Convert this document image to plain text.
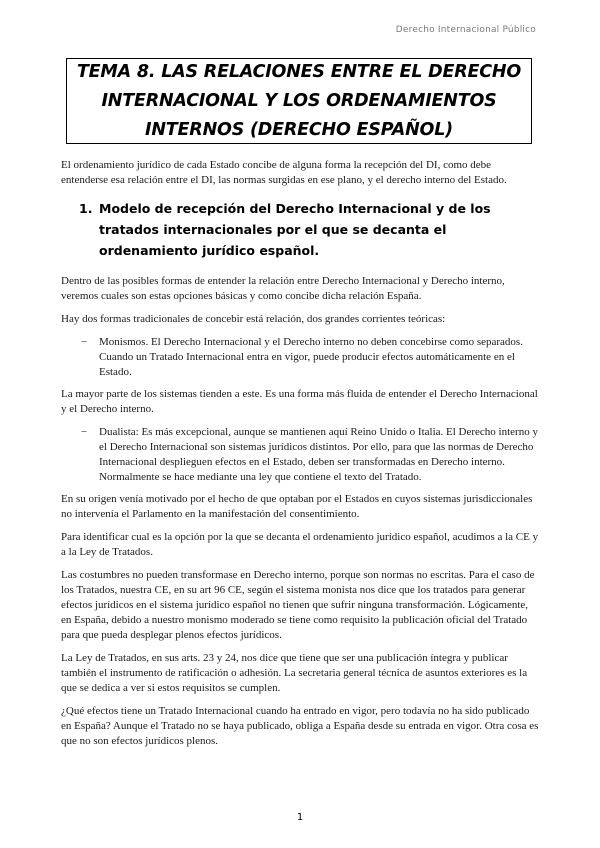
Derecho Internacional Público
TEMA 8. LAS RELACIONES ENTRE EL DERECHO INTERNACIONAL Y LOS ORDENAMIENTOS INTERNOS (DERECHO ESPAÑOL)

El ordenamiento jurídico de cada Estado concibe de alguna forma la recepción del DI, como debe entenderse esa relación entre el DI, las normas surgidas en ese plano, y el derecho interno del Estado.

1. Modelo de recepción del Derecho Internacional y de los tratados internacionales por el que se decanta el ordenamiento jurídico español.

Dentro de las posibles formas de entender la relación entre Derecho Internacional y Derecho interno, veremos cuales son estas opciones básicas y como concibe dicha relación España.

Hay dos formas tradicionales de concebir está relación, dos grandes corrientes teóricas:

−	Monismos. El Derecho Internacional y el Derecho interno no deben concebirse como separados. Cuando un Tratado Internacional entra en vigor, puede producir efectos automáticamente en el Estado.

La mayor parte de los sistemas tienden a este. Es una forma más fluida de entender el Derecho Internacional y el Derecho interno.

−	Dualista: Es más excepcional, aunque se mantienen aquí Reino Unido o Italia. El Derecho interno y el Derecho Internacional son sistemas jurídicos distintos. Por ello, para que las normas de Derecho Internacional desplieguen efectos en el Estado, deben ser transformadas en Derecho interno. Normalmente se hace mediante una ley que contiene el texto del Tratado.

En su origen venía motivado por el hecho de que optaban por el Estados en cuyos sistemas jurisdiccionales no intervenía el Parlamento en la manifestación del consentimiento.

Para identificar cual es la opción por la que se decanta el ordenamiento jurídico español, acudimos a la CE y a la Ley de Tratados.

Las costumbres no pueden transformase en Derecho interno, porque son normas no escritas. Para el caso de los Tratados, nuestra CE, en su art 96 CE, según el sistema monista nos dice que los tratados para generar efectos jurídicos en el sistema jurídico español no tienen que sufrir ninguna transformación. Lógicamente, en España, debido a nuestro monismo moderado se tiene como requisito la publicación oficial del Tratado para que pueda desplegar plenos efectos jurídicos.

La Ley de Tratados, en sus arts. 23 y 24, nos dice que tiene que ser una publicación íntegra y publicar también el instrumento de ratificación o adhesión. La secretaria general técnica de asuntos exteriores es la que se dedica a ver si estos requisitos se cumplen.

¿Qué efectos tiene un Tratado Internacional cuando ha entrado en vigor, pero todavía no ha sido publicado en España? Aunque el Tratado no se haya publicado, obliga a España desde su entrada en vigor. Otra cosa es que no son efectos jurídicos plenos.

1
